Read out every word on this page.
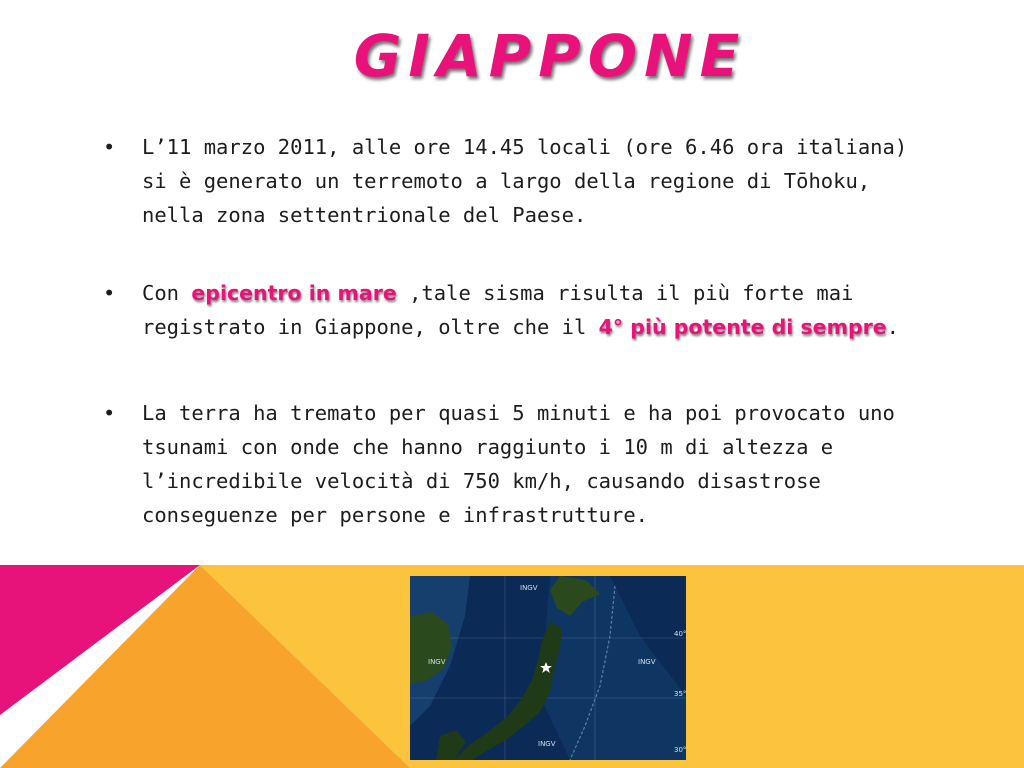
GIAPPONE
• L’11 marzo 2011, alle ore 14.45 locali (ore 6.46 ora italiana) si è generato un terremoto a largo della regione di Tōhoku, nella zona settentrionale del Paese.
• Con epicentro in mare ,tale sisma risulta il più forte mai registrato in Giappone, oltre che il 4° più potente di sempre.
• La terra ha tremato per quasi 5 minuti e ha poi provocato uno tsunami con onde che hanno raggiunto i 10 m di altezza e l’incredibile velocità di 750 km/h, causando disastrose conseguenze per persone e infrastrutture.
INGV
INGV	INGV
INGV
40°
35°
30°
